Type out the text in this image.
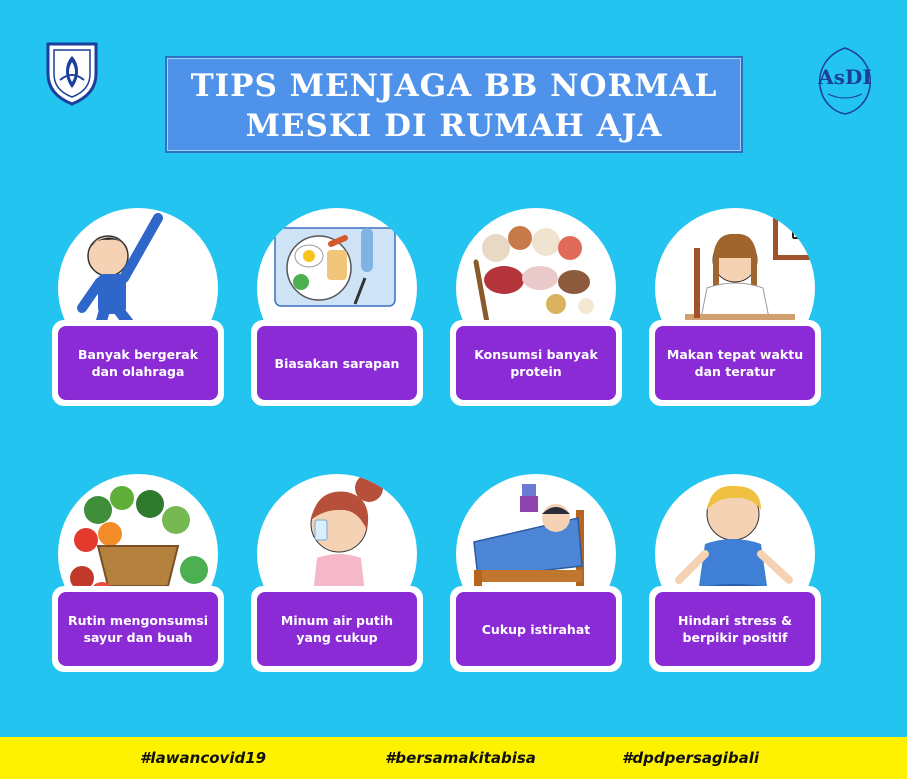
AsDI
TIPS MENJAGA BB NORMAL
MESKI DI RUMAH AJA
Banyak bergerak dan olahraga
Biasakan sarapan
Konsumsi banyak protein
Makan tepat waktu dan teratur
Rutin mengonsumsi sayur dan buah
Minum air putih yang cukup
Cukup istirahat
Hindari stress & berpikir positif
#lawancovid19	#bersamakitabisa	#dpdpersagibali
